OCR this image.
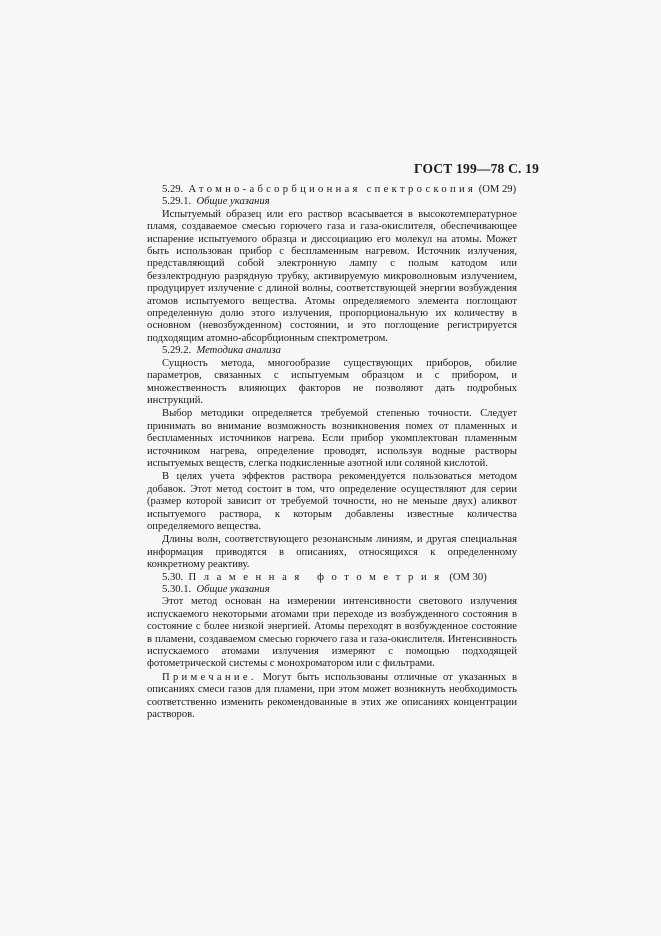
ГОСТ 199—78 С. 19

5.29. Атомно-абсорбционная спектроскопия (ОМ 29)

5.29.1. Общие указания

Испытуемый образец или его раствор всасывается в высокотемпературное пламя, создаваемое смесью горючего газа и газа-окислителя, обеспечивающее испарение испытуемого образца и диссоциацию его молекул на атомы. Может быть использован прибор с беспламенным нагревом. Источник излучения, представляющий собой электронную лампу с полым катодом или безэлектродную разрядную трубку, активируемую микроволновым излучением, продуцирует излучение с длиной волны, соответствующей энергии возбуждения атомов испытуемого вещества. Атомы определяемого элемента поглощают определенную долю этого излучения, пропорциональную их количеству в основном (невозбужденном) состоянии, и это поглощение регистрируется подходящим атомно-абсорбционным спектрометром.

5.29.2. Методика анализа

Сущность метода, многообразие существующих приборов, обилие параметров, связанных с испытуемым образцом и с прибором, и множественность влияющих факторов не позволяют дать подробных инструкций.

Выбор методики определяется требуемой степенью точности. Следует принимать во внимание возможность возникновения помех от пламенных и беспламенных источников нагрева. Если прибор укомплектован пламенным источником нагрева, определение проводят, используя водные растворы испытуемых веществ, слегка подкисленные азотной или соляной кислотой.

В целях учета эффектов раствора рекомендуется пользоваться методом добавок. Этот метод состоит в том, что определение осуществляют для серии (размер которой зависит от требуемой точности, но не меньше двух) аликвот испытуемого раствора, к которым добавлены известные количества определяемого вещества.

Длины волн, соответствующего резонансным линиям, и другая специальная информация приводятся в описаниях, относящихся к определенному конкретному реактиву.

5.30. Пламенная фотометрия (ОМ 30)

5.30.1. Общие указания

Этот метод основан на измерении интенсивности светового излучения испускаемого некоторыми атомами при переходе из возбужденного состояния в состояние с более низкой энергией. Атомы переходят в возбужденное состояние в пламени, создаваемом смесью горючего газа и газа-окислителя. Интенсивность испускаемого атомами излучения измеряют с помощью подходящей фотометрической системы с монохроматором или с фильтрами.

Примечание. Могут быть использованы отличные от указанных в описаниях смеси газов для пламени, при этом может возникнуть необходимость соответственно изменить рекомендованные в этих же описаниях концентрации растворов.
